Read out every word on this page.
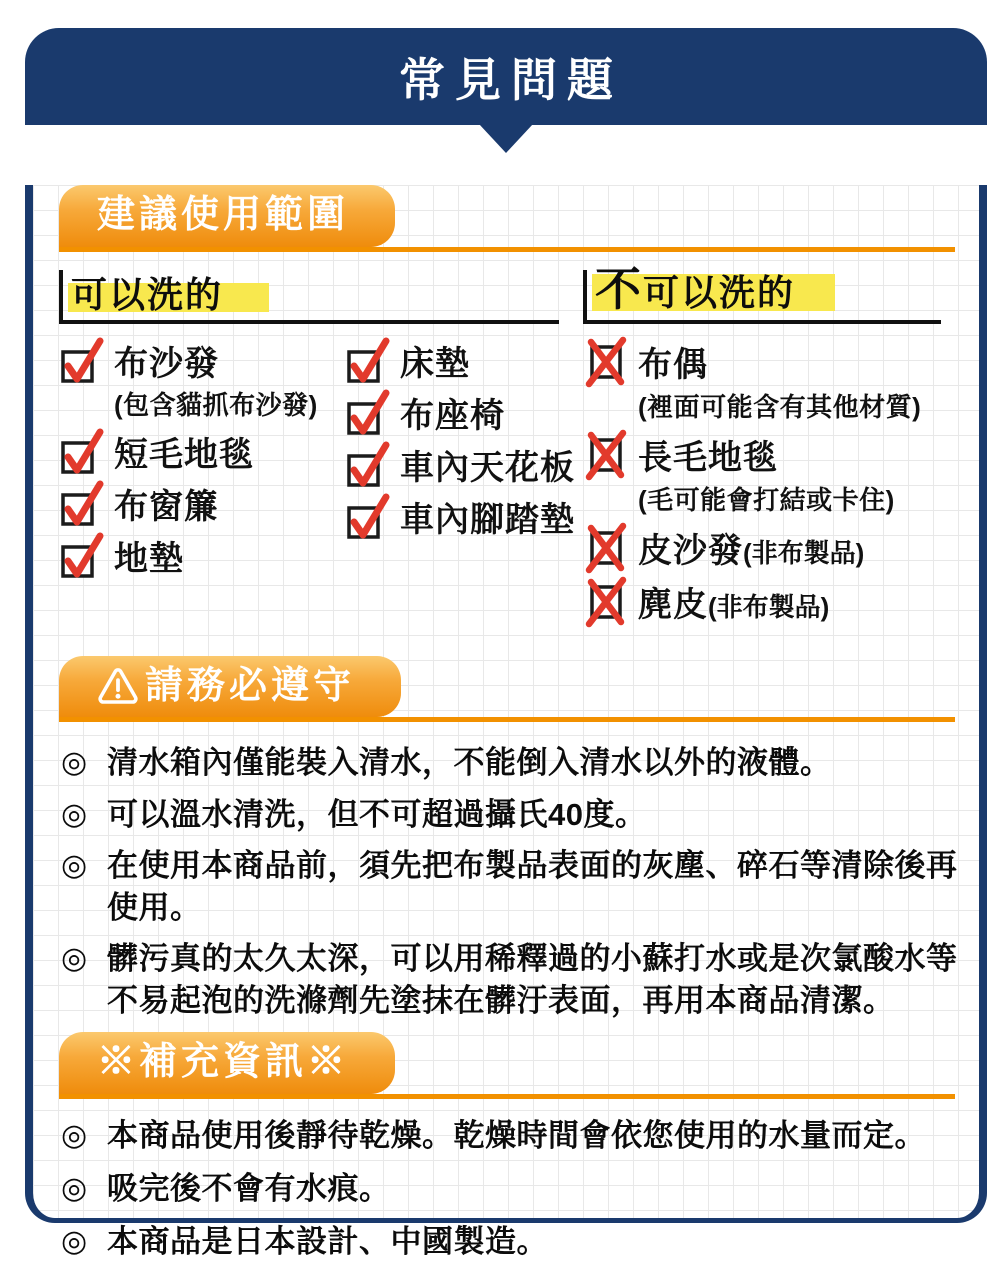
常見問題
建議使用範圍
可以洗的
布沙發
(包含貓抓布沙發)
短毛地毯
布窗簾
地墊
床墊
布座椅
車內天花板
車內腳踏墊
不可以洗的
布偶
(裡面可能含有其他材質)
長毛地毯
(毛可能會打結或卡住)
皮沙發 (非布製品)
麂皮 (非布製品)
請務必遵守
◎ 清水箱內僅能裝入清水，不能倒入清水以外的液體。
◎ 可以溫水清洗，但不可超過攝氏40度。
◎ 在使用本商品前，須先把布製品表面的灰塵、碎石等清除後再使用。
◎ 髒污真的太久太深，可以用稀釋過的小蘇打水或是次氯酸水等不易起泡的洗滌劑先塗抹在髒汙表面，再用本商品清潔。
※補充資訊※
◎ 本商品使用後靜待乾燥。乾燥時間會依您使用的水量而定。
◎ 吸完後不會有水痕。
◎ 本商品是日本設計、中國製造。
